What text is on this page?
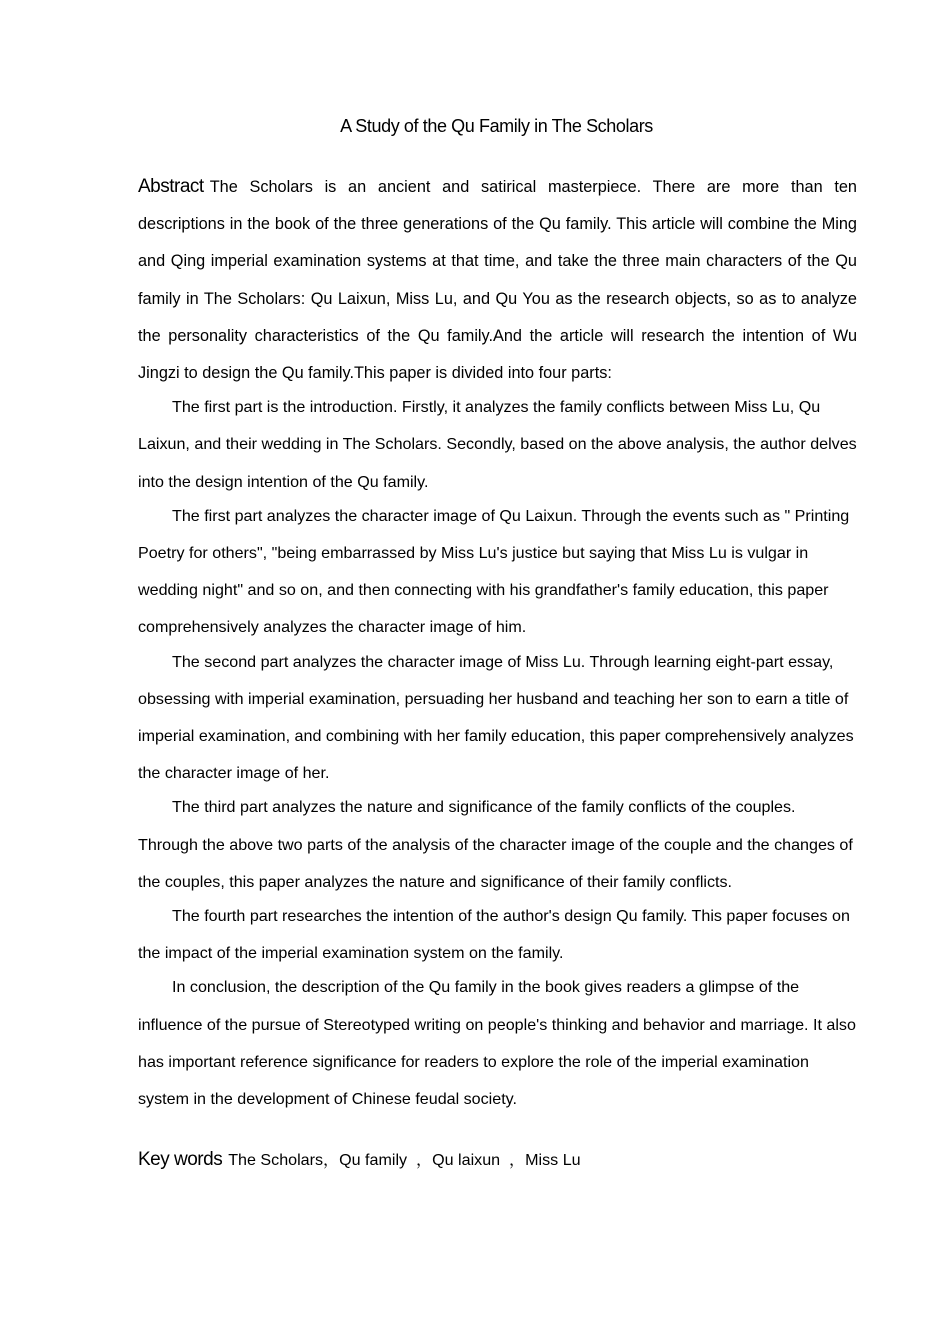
A Study of the Qu Family in The Scholars

Abstract The Scholars is an ancient and satirical masterpiece. There are more than ten descriptions in the book of the three generations of the Qu family. This article will combine the Ming and Qing imperial examination systems at that time, and take the three main characters of the Qu family in The Scholars: Qu Laixun, Miss Lu, and Qu You as the research objects, so as to analyze the personality characteristics of the Qu family.And the article will research the intention of Wu Jingzi to design the Qu family.This paper is divided into four parts:

The first part is the introduction. Firstly, it analyzes the family conflicts between Miss Lu, Qu Laixun, and their wedding in The Scholars. Secondly, based on the above analysis, the author delves into the design intention of the Qu family.

The first part analyzes the character image of Qu Laixun. Through the events such as " Printing Poetry for others", "being embarrassed by Miss Lu's justice but saying that Miss Lu is vulgar in wedding night" and so on, and then connecting with his grandfather's family education, this paper comprehensively analyzes the character image of him.

The second part analyzes the character image of Miss Lu. Through learning eight-part essay, obsessing with imperial examination, persuading her husband and teaching her son to earn a title of imperial examination, and combining with her family education, this paper comprehensively analyzes the character image of her.

The third part analyzes the nature and significance of the family conflicts of the couples. Through the above two parts of the analysis of the character image of the couple and the changes of the couples, this paper analyzes the nature and significance of their family conflicts.

The fourth part researches the intention of the author's design Qu family. This paper focuses on the impact of the imperial examination system on the family.

In conclusion, the description of the Qu family in the book gives readers a glimpse of the influence of the pursue of Stereotyped writing on people's thinking and behavior and marriage. It also has important reference significance for readers to explore the role of the imperial examination system in the development of Chinese feudal society.

Key words The Scholars，Qu family  ，Qu laixun  ，Miss Lu
